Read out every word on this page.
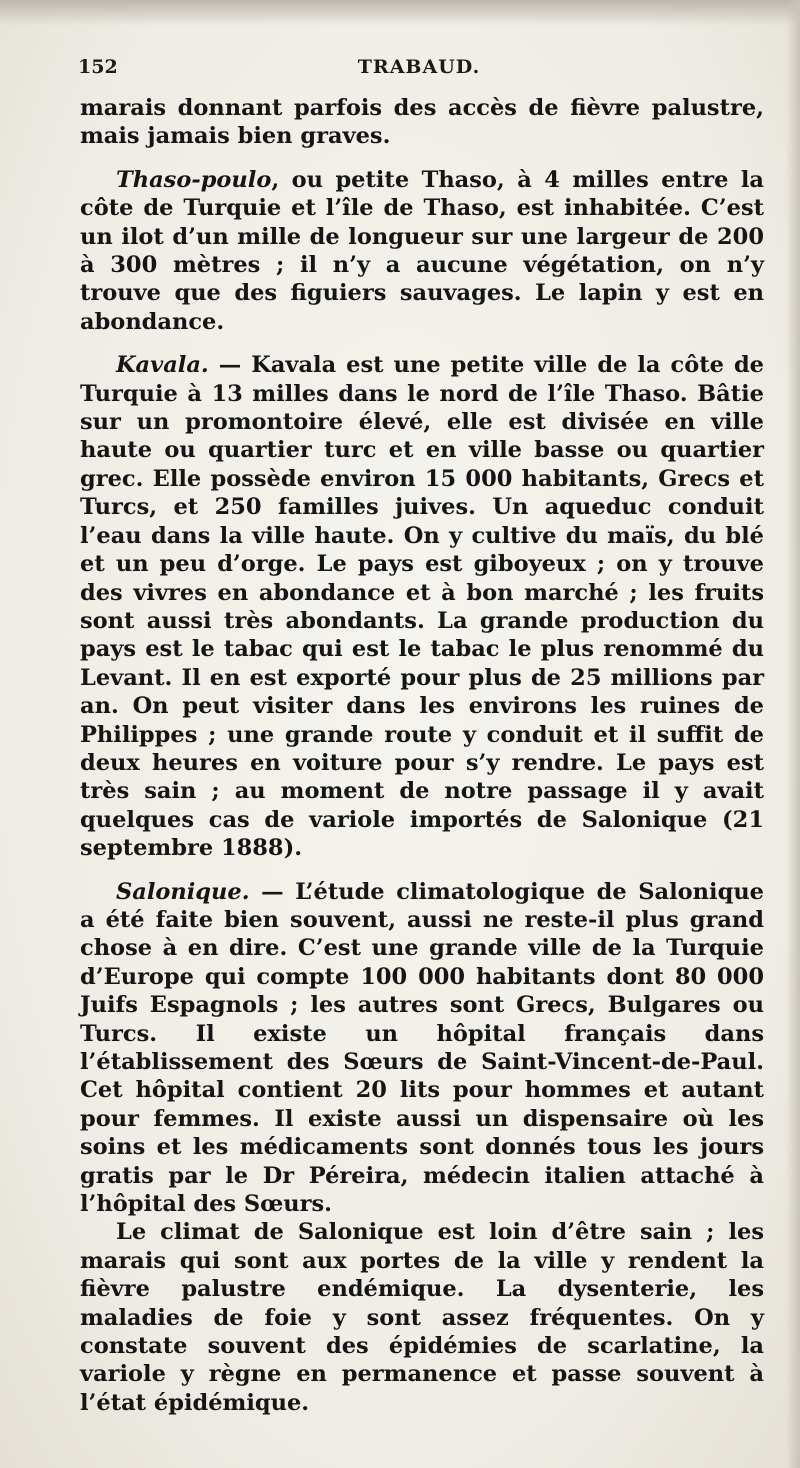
152	TRABAUD.

marais donnant parfois des accès de fièvre palustre, mais jamais bien graves.

Thaso-poulo, ou petite Thaso, à 4 milles entre la côte de Turquie et l’île de Thaso, est inhabitée. C’est un ilot d’un mille de longueur sur une largeur de 200 à 300 mètres ; il n’y a aucune végétation, on n’y trouve que des figuiers sauvages. Le lapin y est en abondance.

Kavala. — Kavala est une petite ville de la côte de Turquie à 13 milles dans le nord de l’île Thaso. Bâtie sur un promontoire élevé, elle est divisée en ville haute ou quartier turc et en ville basse ou quartier grec. Elle possède environ 15 000 habitants, Grecs et Turcs, et 250 familles juives. Un aqueduc conduit l’eau dans la ville haute. On y cultive du maïs, du blé et un peu d’orge. Le pays est giboyeux ; on y trouve des vivres en abondance et à bon marché ; les fruits sont aussi très abondants. La grande production du pays est le tabac qui est le tabac le plus renommé du Levant. Il en est exporté pour plus de 25 millions par an. On peut visiter dans les environs les ruines de Philippes ; une grande route y conduit et il suffit de deux heures en voiture pour s’y rendre. Le pays est très sain ; au moment de notre passage il y avait quelques cas de variole importés de Salonique (21 septembre 1888).

Salonique. — L’étude climatologique de Salonique a été faite bien souvent, aussi ne reste-il plus grand chose à en dire. C’est une grande ville de la Turquie d’Europe qui compte 100 000 habitants dont 80 000 Juifs Espagnols ; les autres sont Grecs, Bulgares ou Turcs. Il existe un hôpital français dans l’établissement des Sœurs de Saint-Vincent-de-Paul. Cet hôpital contient 20 lits pour hommes et autant pour femmes. Il existe aussi un dispensaire où les soins et les médicaments sont donnés tous les jours gratis par le Dr Péreira, médecin italien attaché à l’hôpital des Sœurs.

Le climat de Salonique est loin d’être sain ; les marais qui sont aux portes de la ville y rendent la fièvre palustre endémique. La dysenterie, les maladies de foie y sont assez fréquentes. On y constate souvent des épidémies de scarlatine, la variole y règne en permanence et passe souvent à l’état épidémique.
